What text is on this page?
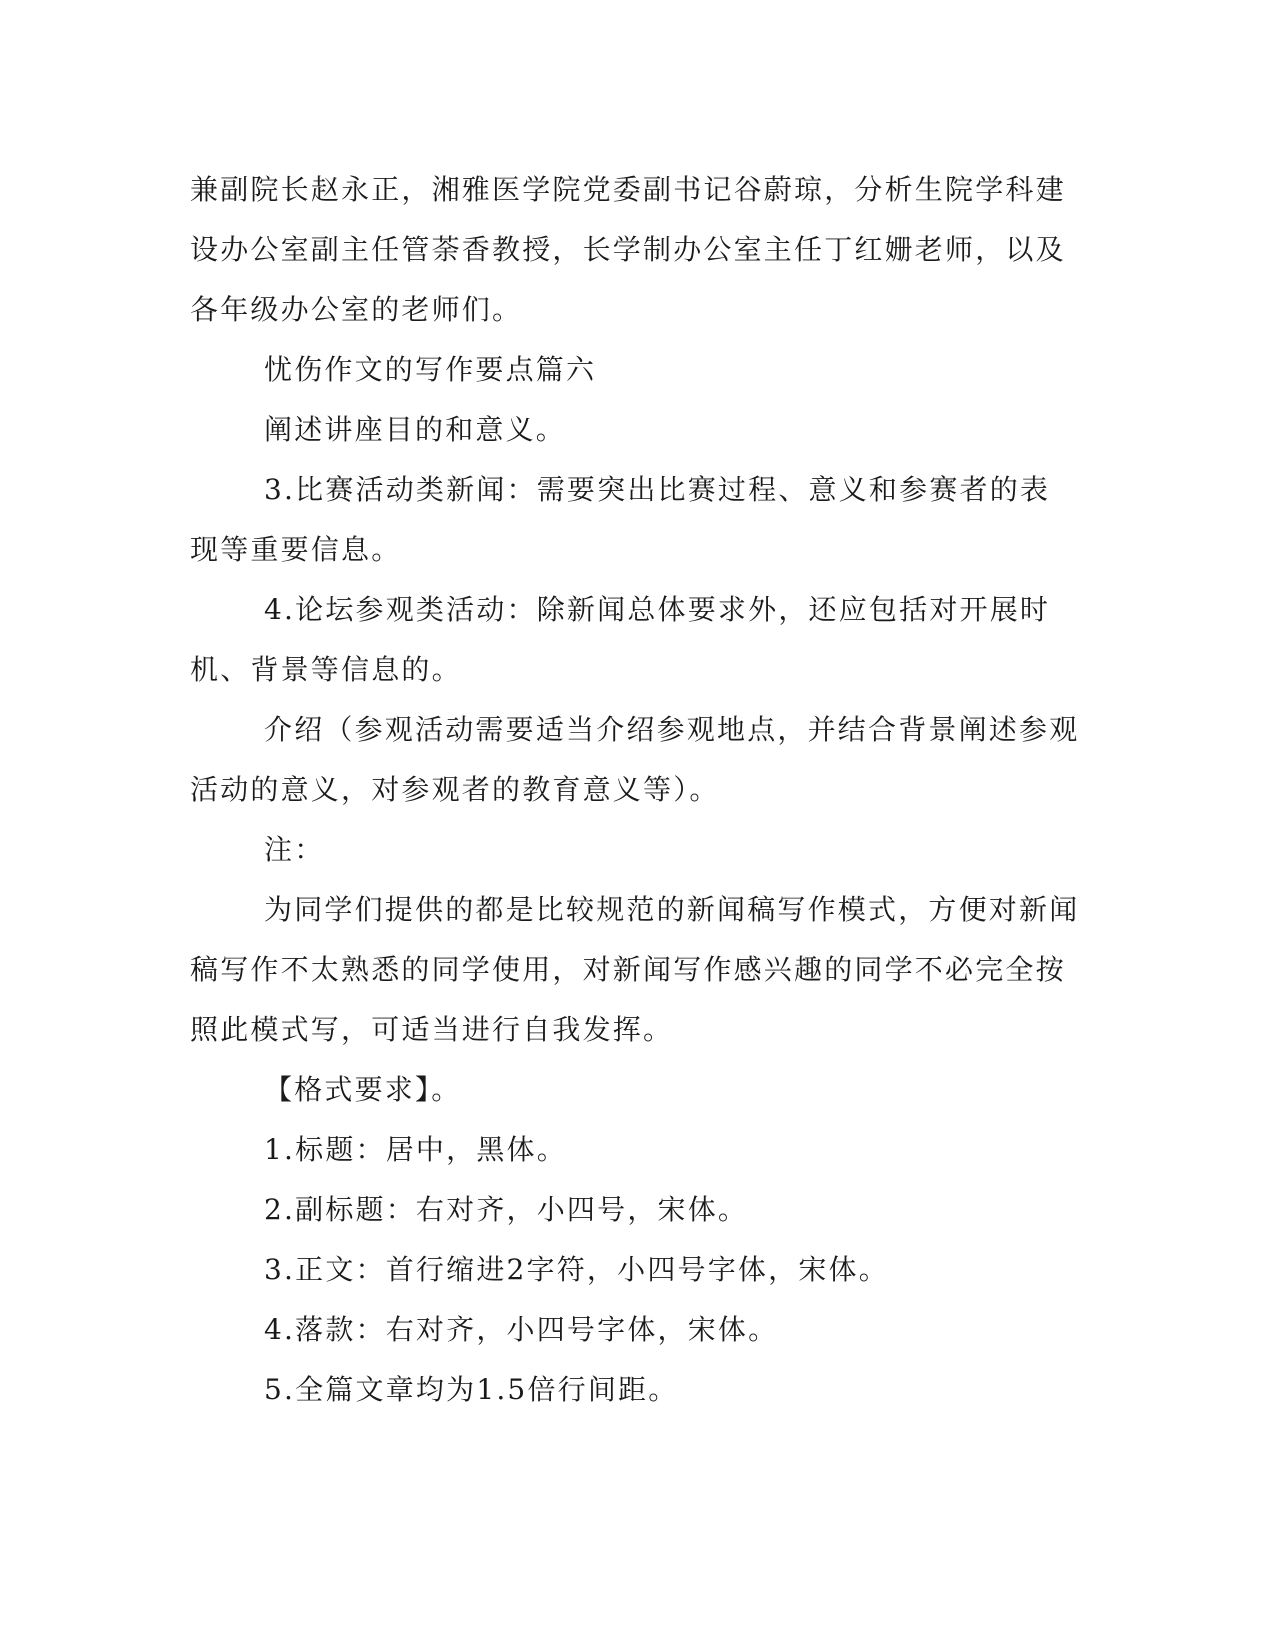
兼副院长赵永正，湘雅医学院党委副书记谷蔚琼，分析生院学科建设办公室副主任管荼香教授，长学制办公室主任丁红姗老师，以及各年级办公室的老师们。

忧伤作文的写作要点篇六

阐述讲座目的和意义。

3.比赛活动类新闻：需要突出比赛过程、意义和参赛者的表现等重要信息。

4.论坛参观类活动：除新闻总体要求外，还应包括对开展时机、背景等信息的。

介绍（参观活动需要适当介绍参观地点，并结合背景阐述参观活动的意义，对参观者的教育意义等）。

注：

为同学们提供的都是比较规范的新闻稿写作模式，方便对新闻稿写作不太熟悉的同学使用，对新闻写作感兴趣的同学不必完全按照此模式写，可适当进行自我发挥。

【格式要求】。

1.标题：居中，黑体。

2.副标题：右对齐，小四号，宋体。

3.正文：首行缩进2字符，小四号字体，宋体。

4.落款：右对齐，小四号字体，宋体。

5.全篇文章均为1.5倍行间距。
